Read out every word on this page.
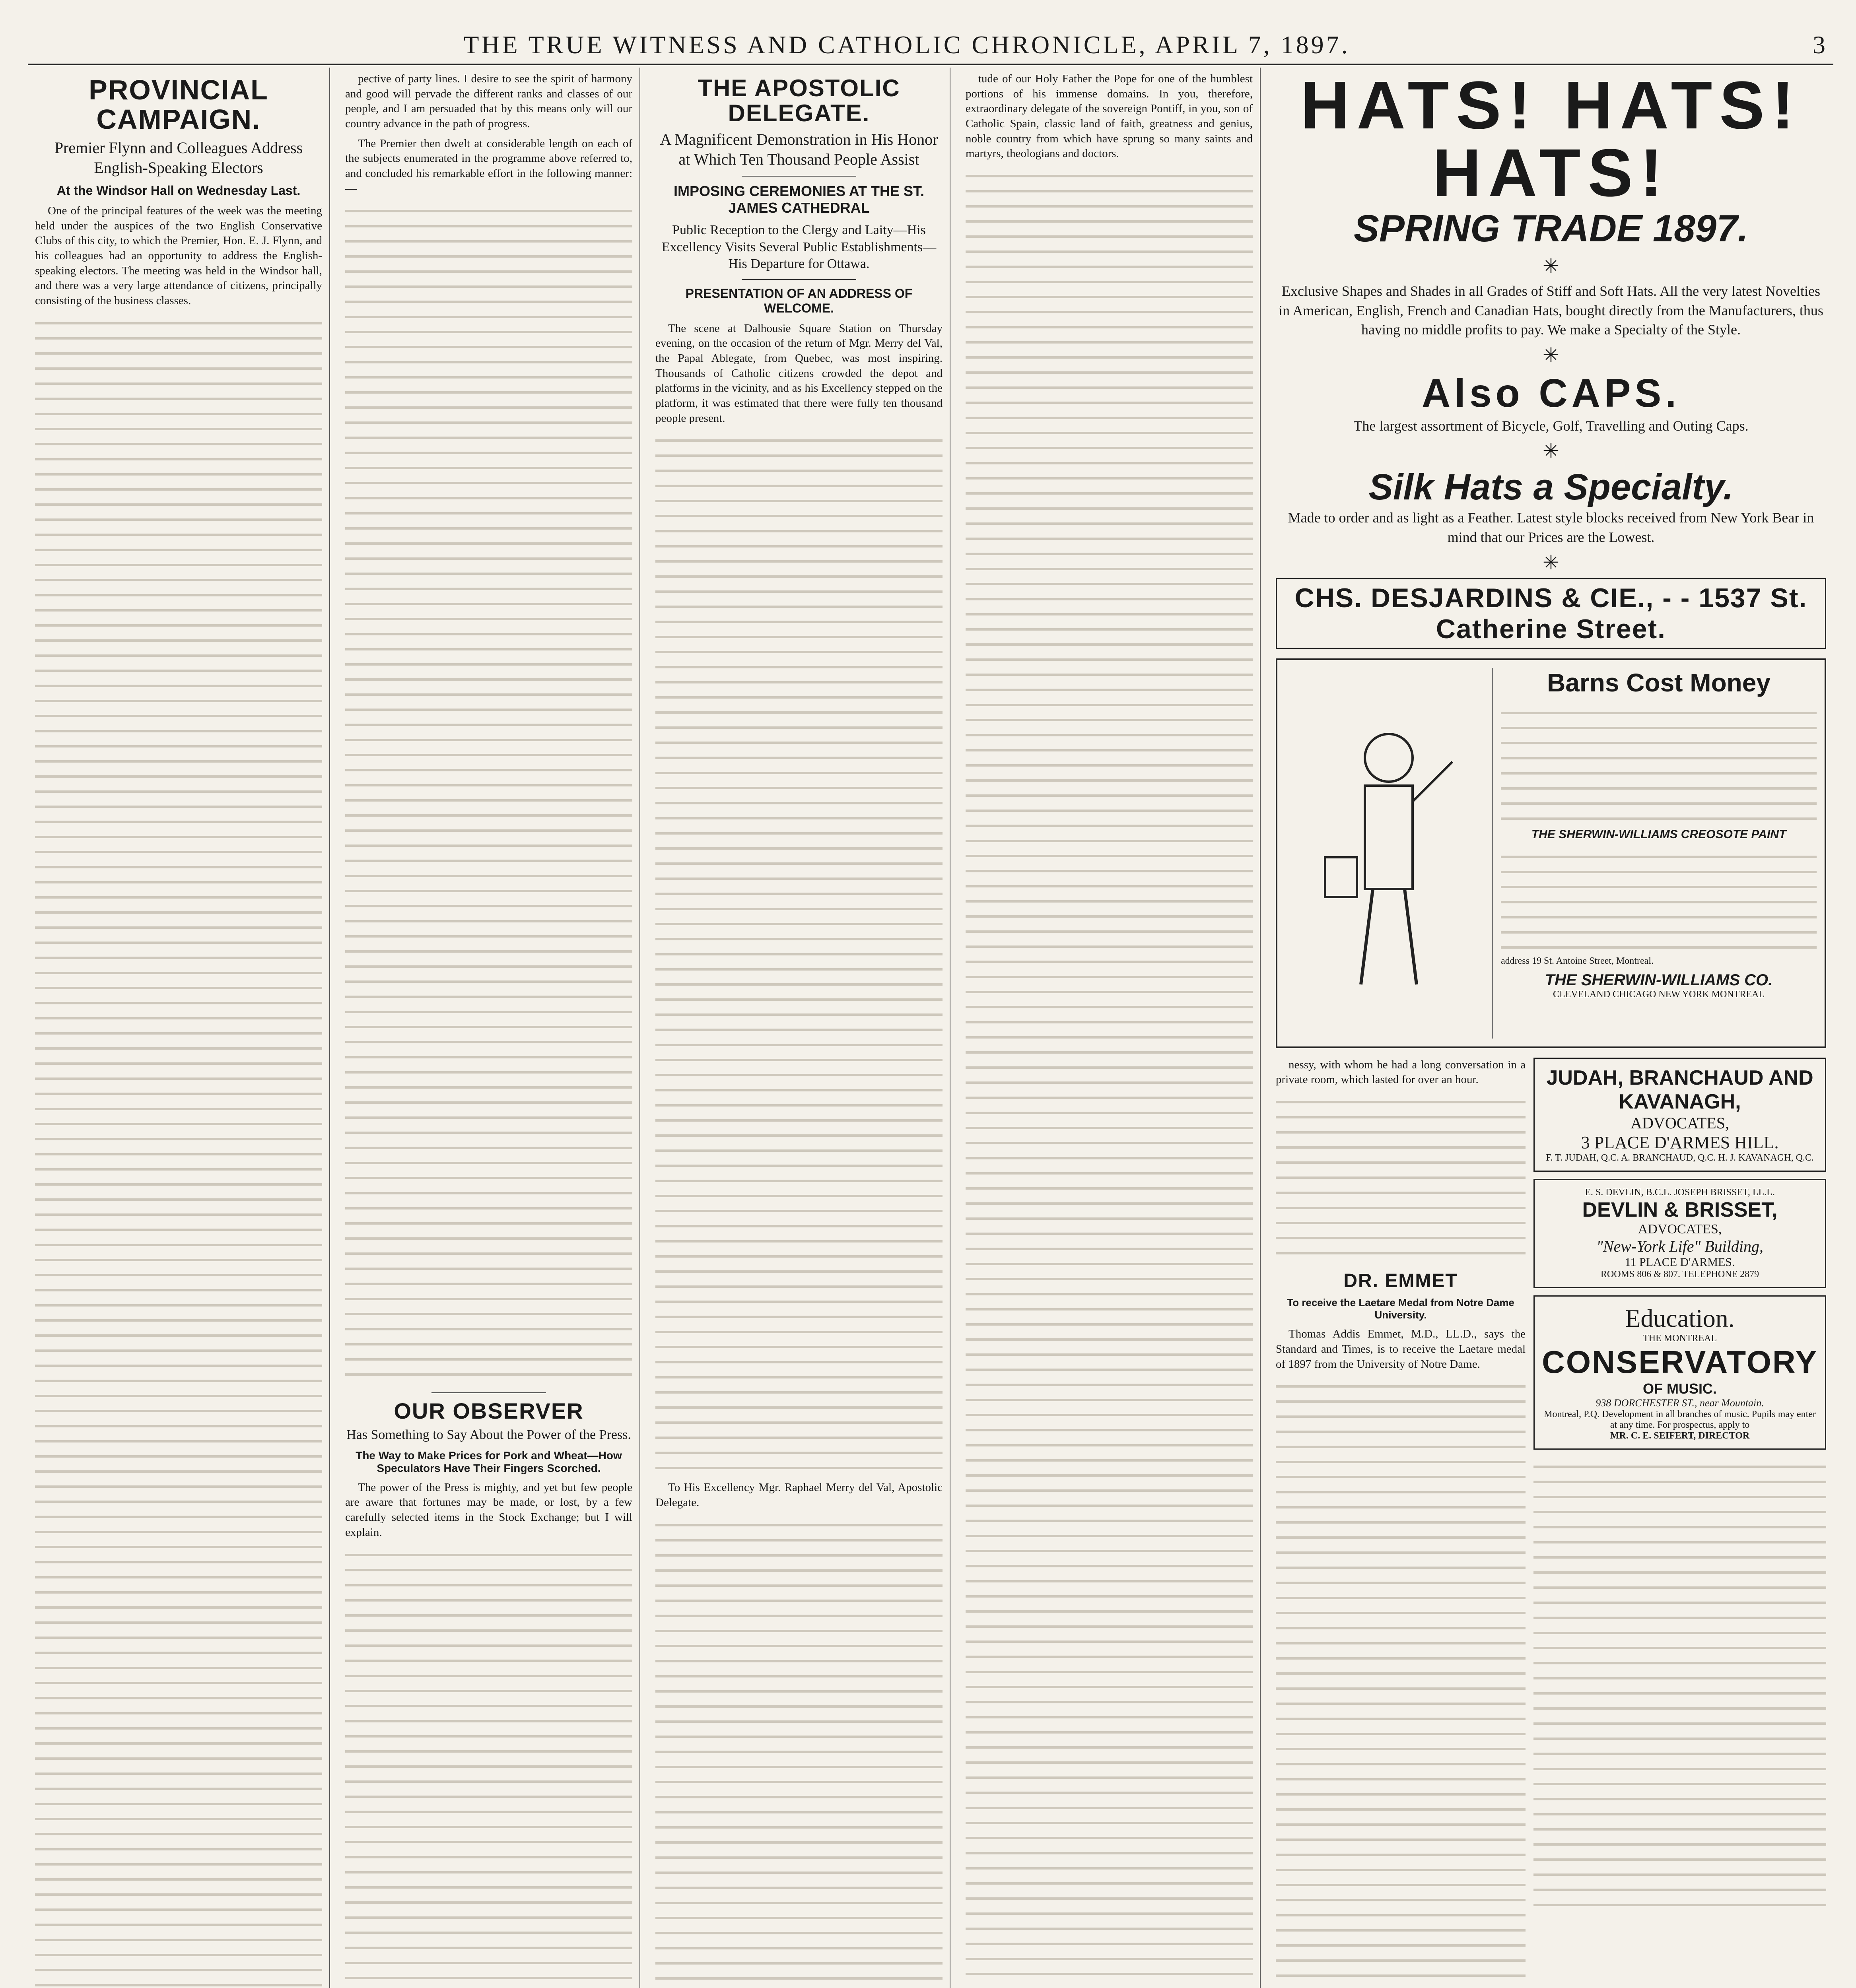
THE TRUE WITNESS AND CATHOLIC CHRONICLE, APRIL 7, 1897.	3
PROVINCIAL CAMPAIGN.
Premier Flynn and Colleagues Address English-Speaking Electors
At the Windsor Hall on Wednesday Last.

One of the principal features of the week was the meeting held under the auspices of the two English Conservative Clubs of this city, to which the Premier, Hon. E. J. Flynn, and his colleagues had an opportunity to address the English-speaking electors. The meeting was held in the Windsor hall, and there was a very large attendance of citizens, principally consisting of the business classes.

pective of party lines. I desire to see the spirit of harmony and good will pervade the different ranks and classes of our people, and I am persuaded that by this means only will our country advance in the path of progress.

The Premier then dwelt at considerable length on each of the subjects enumerated in the programme above referred to, and concluded his remarkable effort in the following manner:—

OUR OBSERVER
Has Something to Say About the Power of the Press.
The Way to Make Prices for Pork and Wheat—How Speculators Have Their Fingers Scorched.

The power of the Press is mighty, and yet but few people are aware that fortunes may be made, or lost, by a few carefully selected items in the Stock Exchange; but I will explain.

THE APOSTOLIC DELEGATE.
A Magnificent Demonstration in His Honor at Which Ten Thousand People Assist
IMPOSING CEREMONIES AT THE ST. JAMES CATHEDRAL
Public Reception to the Clergy and Laity—His Excellency Visits Several Public Establishments—His Departure for Ottawa.
PRESENTATION OF AN ADDRESS OF WELCOME.

The scene at Dalhousie Square Station on Thursday evening, on the occasion of the return of Mgr. Merry del Val, the Papal Ablegate, from Quebec, was most inspiring. Thousands of Catholic citizens crowded the depot and platforms in the vicinity, and as his Excellency stepped on the platform, it was estimated that there were fully ten thousand people present.

To His Excellency Mgr. Raphael Merry del Val, Apostolic Delegate.

tude of our Holy Father the Pope for one of the humblest portions of his immense domains. In you, therefore, extraordinary delegate of the sovereign Pontiff, in you, son of Catholic Spain, classic land of faith, greatness and genius, noble country from which have sprung so many saints and martyrs, theologians and doctors.

HATS! HATS! HATS!
SPRING TRADE 1897.
✳
Exclusive Shapes and Shades in all Grades of Stiff and Soft Hats. All the very latest Novelties in American, English, French and Canadian Hats, bought directly from the Manufacturers, thus having no middle profits to pay. We make a Specialty of the Style.
✳
Also CAPS.
The largest assortment of Bicycle, Golf, Travelling and Outing Caps.
✳
Silk Hats a Specialty.
Made to order and as light as a Feather. Latest style blocks received from New York Bear in mind that our Prices are the Lowest.
✳
CHS. DESJARDINS & CIE., - - 1537 St. Catherine Street.
Barns Cost Money
THE SHERWIN-WILLIAMS CREOSOTE PAINT
address 19 St. Antoine Street, Montreal.
THE SHERWIN-WILLIAMS CO.
CLEVELAND CHICAGO NEW YORK MONTREAL

nessy, with whom he had a long conversation in a private room, which lasted for over an hour.

DR. EMMET
To receive the Laetare Medal from Notre Dame University.

Thomas Addis Emmet, M.D., LL.D., says the Standard and Times, is to receive the Laetare medal of 1897 from the University of Notre Dame.

JUDAH, BRANCHAUD AND KAVANAGH,
ADVOCATES,
3 PLACE D'ARMES HILL.
F. T. JUDAH, Q.C. A. BRANCHAUD, Q.C. H. J. KAVANAGH, Q.C.
E. S. DEVLIN, B.C.L. JOSEPH BRISSET, LL.L.
DEVLIN & BRISSET,
ADVOCATES,
"New-York Life" Building,
11 PLACE D'ARMES.
ROOMS 806 & 807. TELEPHONE 2879
Education.
THE MONTREAL
CONSERVATORY
OF MUSIC.
938 DORCHESTER ST., near Mountain.
Montreal, P.Q. Development in all branches of music. Pupils may enter at any time. For prospectus, apply to
MR. C. E. SEIFERT, DIRECTOR
